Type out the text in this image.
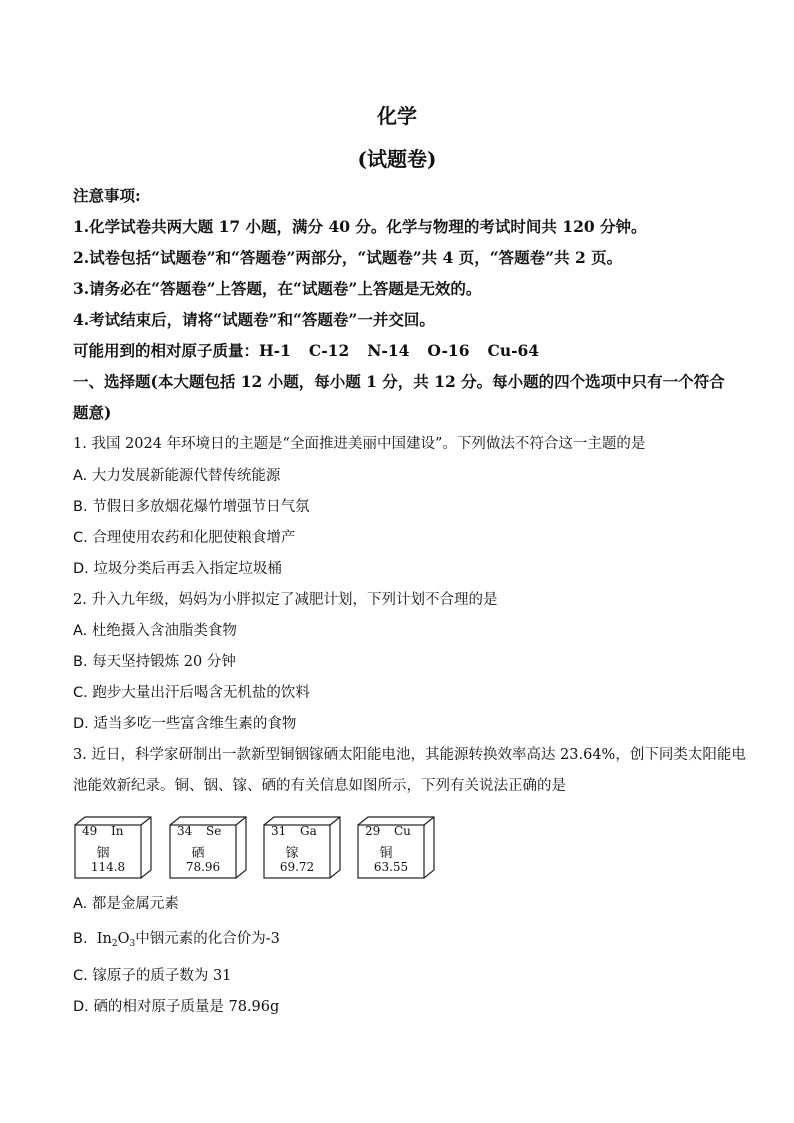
化学
(试题卷)
注意事项:
1.化学试卷共两大题 17 小题，满分 40 分。化学与物理的考试时间共 120 分钟。
2.试卷包括“试题卷”和“答题卷”两部分，“试题卷”共 4 页，“答题卷”共 2 页。
3.请务必在“答题卷”上答题，在“试题卷”上答题是无效的。
4.考试结束后，请将“试题卷”和“答题卷”一并交回。
可能用到的相对原子质量：H-1 C-12 N-14 O-16 Cu-64
一、选择题(本大题包括 12 小题，每小题 1 分，共 12 分。每小题的四个选项中只有一个符合
题意)
1. 我国 2024 年环境日的主题是“全面推进美丽中国建设”。下列做法不符合这一主题的是
A. 大力发展新能源代替传统能源
B. 节假日多放烟花爆竹增强节日气氛
C. 合理使用农药和化肥使粮食增产
D. 垃圾分类后再丢入指定垃圾桶
2. 升入九年级，妈妈为小胖拟定了减肥计划，下列计划不合理的是
A. 杜绝摄入含油脂类食物
B. 每天坚持锻炼 20 分钟
C. 跑步大量出汗后喝含无机盐的饮料
D. 适当多吃一些富含维生素的食物
3. 近日，科学家研制出一款新型铜铟镓硒太阳能电池，其能源转换效率高达 23.64%，创下同类太阳能电
池能效新纪录。铜、铟、镓、硒的有关信息如图所示，下列有关说法正确的是
49 In
铟
114.8
34 Se
硒
78.96
31 Ga
镓
69.72
29 Cu
铜
63.55
A. 都是金属元素
B. $In_2O_3$中铟元素的化合价为-3
C. 镓原子的质子数为 31
D. 硒的相对原子质量是 78.96g
